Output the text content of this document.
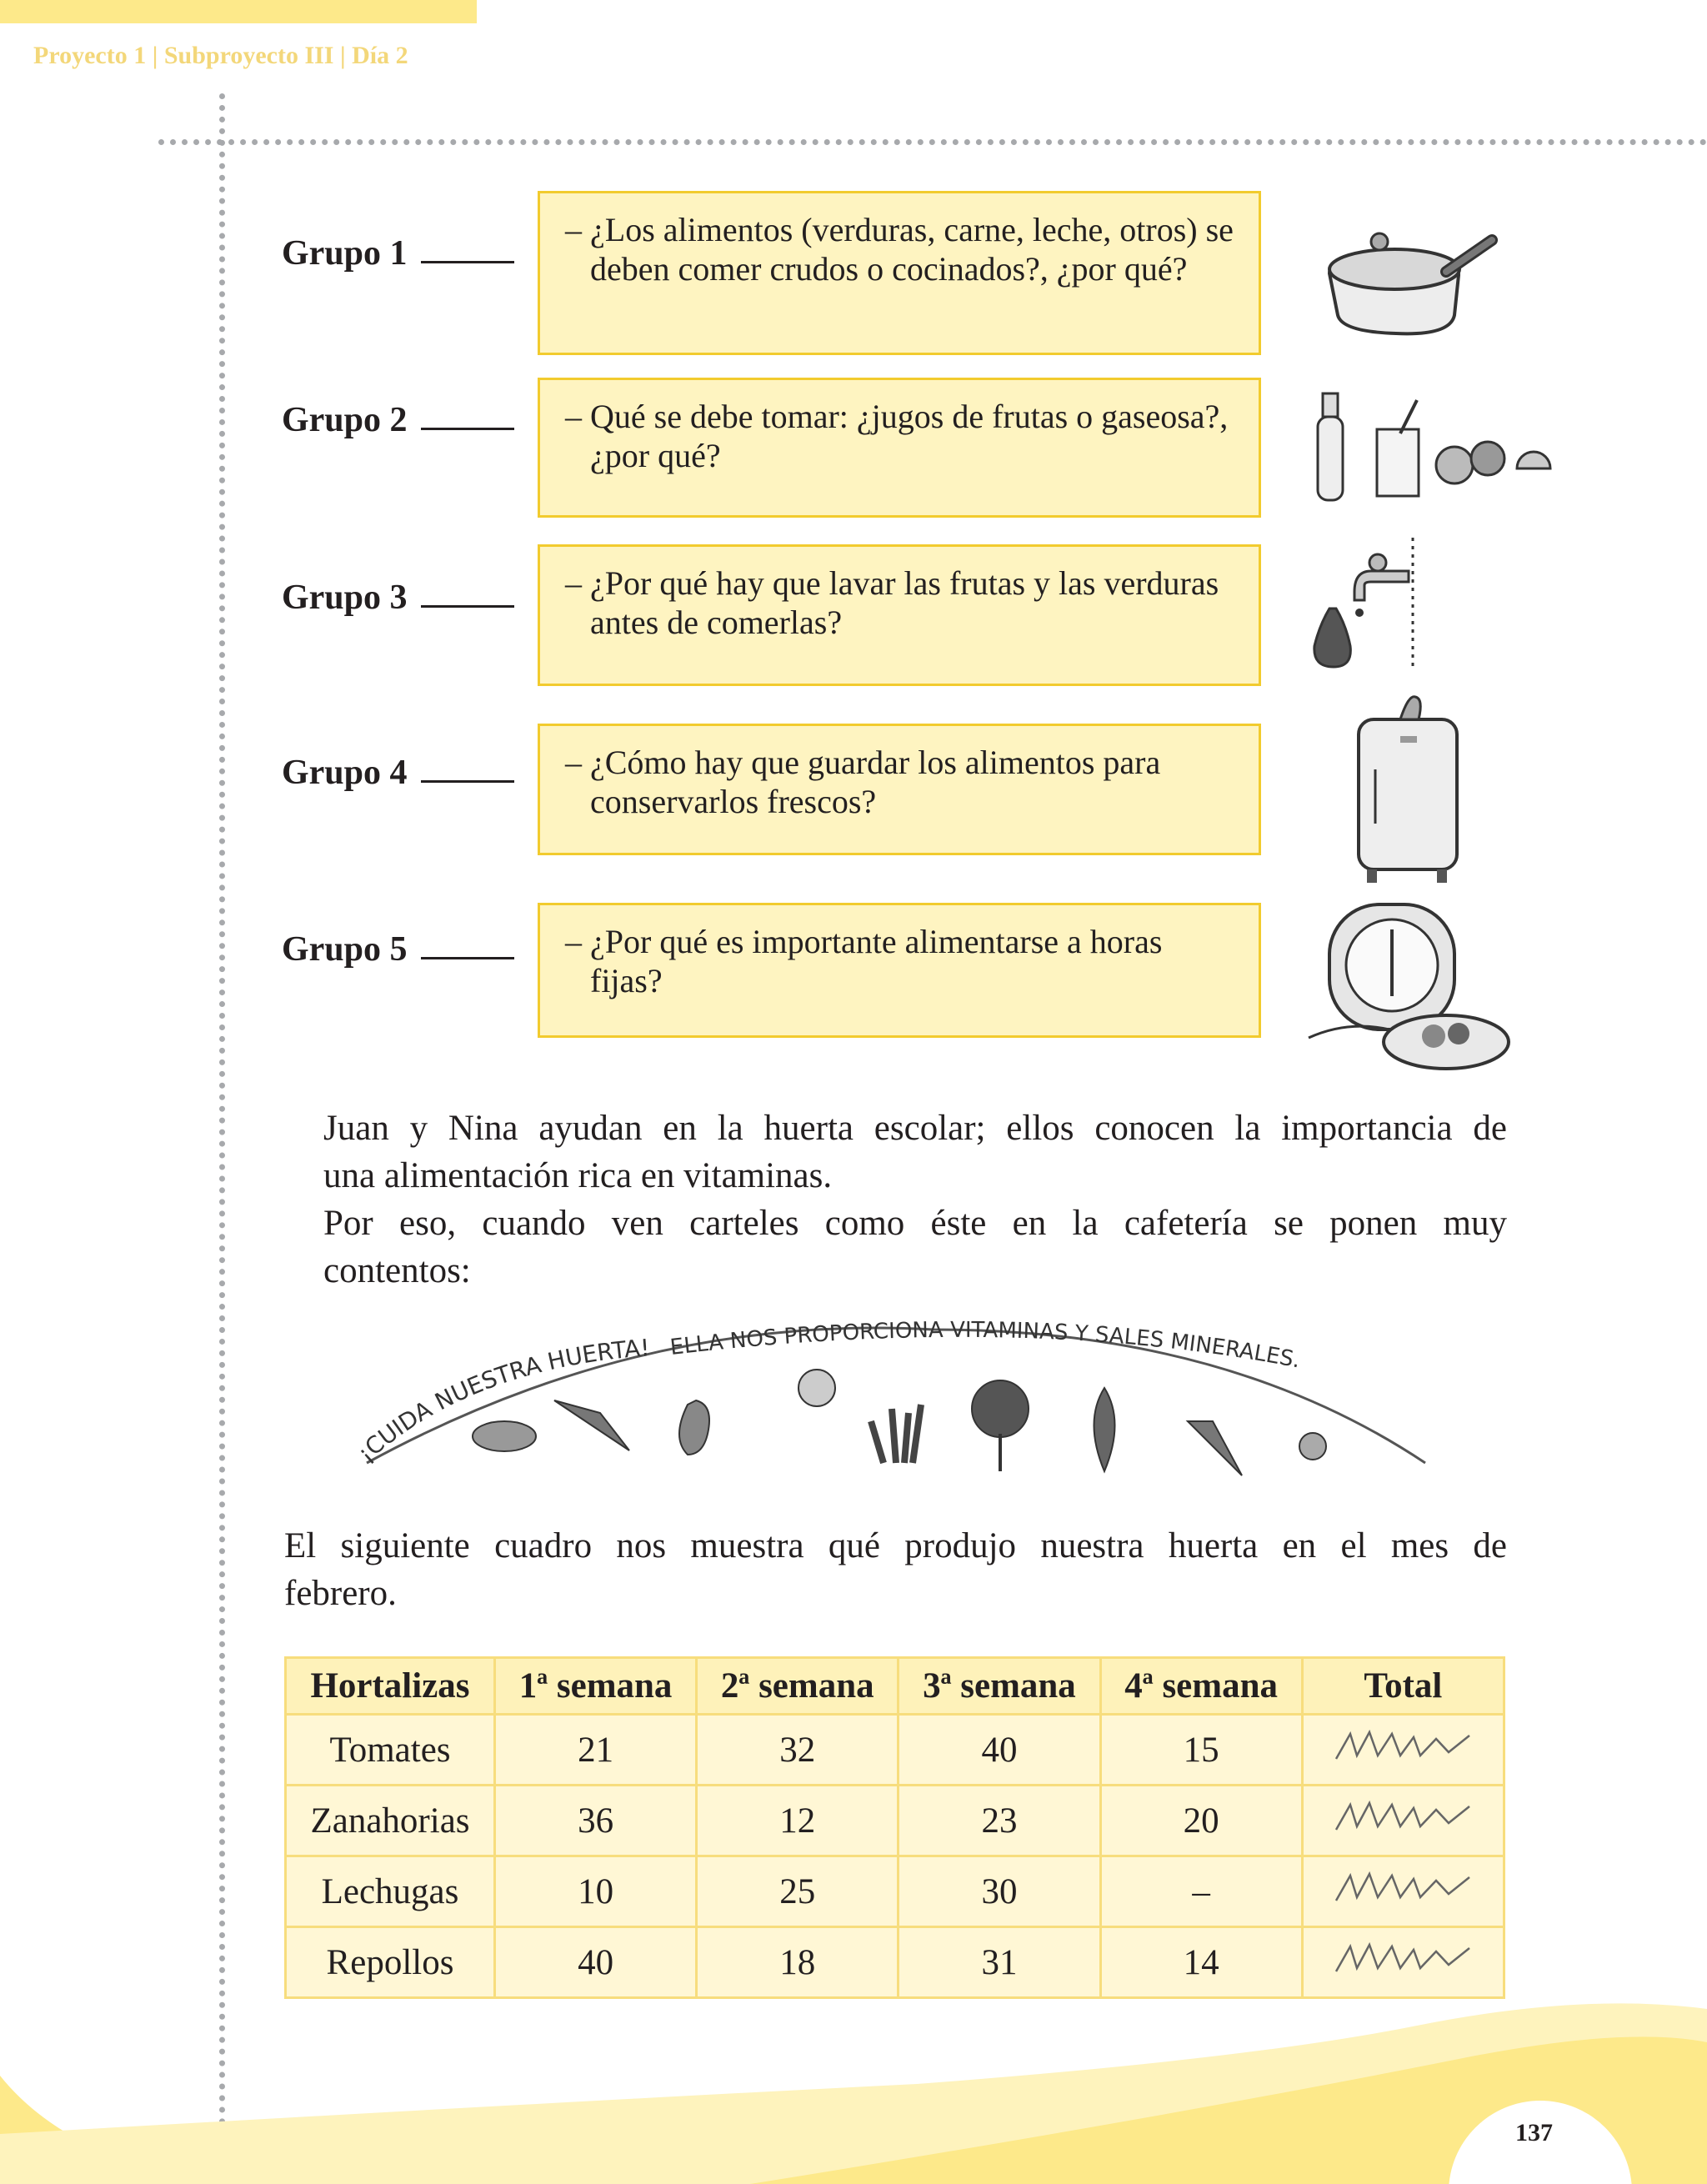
Proyecto 1 | Subproyecto III | Día 2
Grupo 1
– ¿Los alimentos (verduras, carne, leche, otros) se deben comer crudos o cocinados?, ¿por qué?
Grupo 2	– Qué se debe tomar: ¿jugos de frutas o gaseosa?, ¿por qué?
Grupo 3	– ¿Por qué hay que lavar las frutas y las verduras antes de comerlas?
Grupo 4	– ¿Cómo hay que guardar los alimentos para conservarlos frescos?
Grupo 5	– ¿Por qué es importante alimentarse a horas fijas?
Juan y Nina ayudan en la huerta escolar; ellos conocen la importancia de
una alimentación rica en vitaminas.
Por eso, cuando ven carteles como éste en la cafetería se ponen muy
contentos:
¡CUIDA NUESTRA HUERTA! ELLA NOS PROPORCIONA VITAMINAS Y SALES MINERALES.
El siguiente cuadro nos muestra qué produjo nuestra huerta en el mes de
febrero.
Hortalizas	1ª semana	2ª semana	3ª semana	4ª semana	Total
Tomates	21	32	40	15	
Zanahorias	36	12	23	20	
Lechugas	10	25	30	–	
Repollos	40	18	31	14	
137
